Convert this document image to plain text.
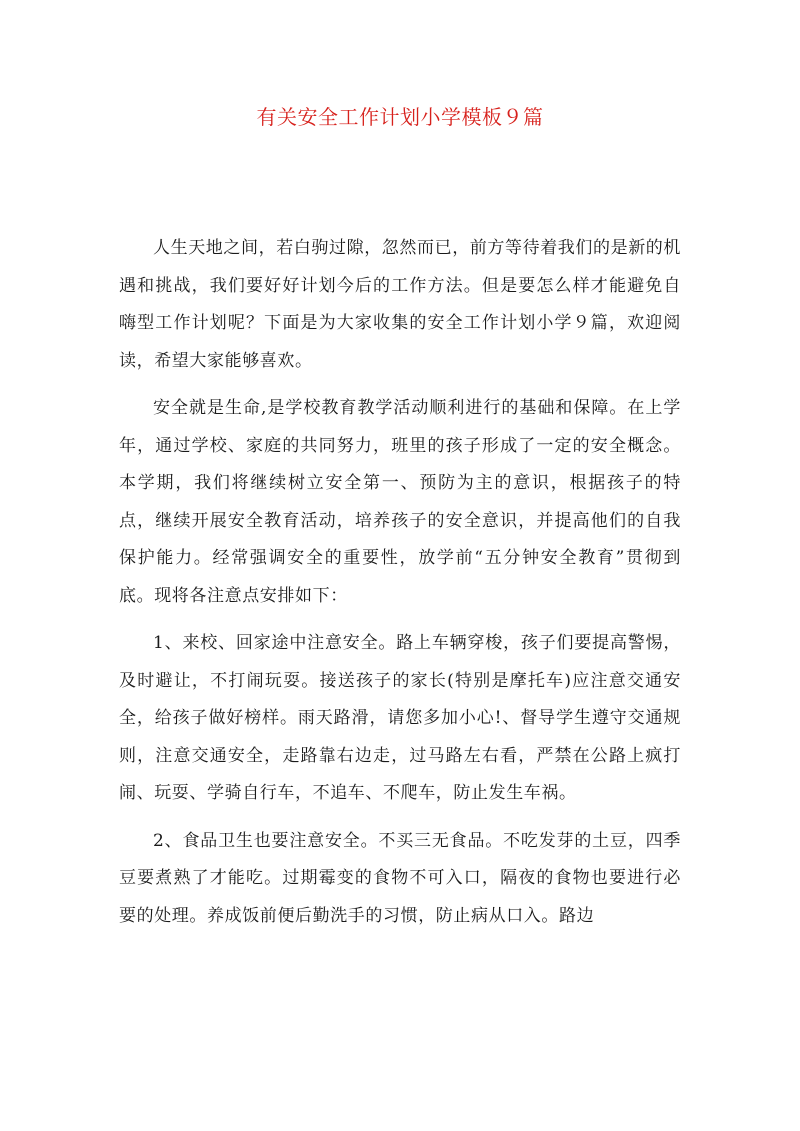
有关安全工作计划小学模板９篇

人生天地之间，若白驹过隙，忽然而已，前方等待着我们的是新的机遇和挑战，我们要好好计划今后的工作方法。但是要怎么样才能避免自嗨型工作计划呢？下面是为大家收集的安全工作计划小学９篇，欢迎阅读，希望大家能够喜欢。

安全就是生命,是学校教育教学活动顺利进行的基础和保障。在上学年，通过学校、家庭的共同努力，班里的孩子形成了一定的安全概念。本学期，我们将继续树立安全第一、预防为主的意识，根据孩子的特点，继续开展安全教育活动，培养孩子的安全意识，并提高他们的自我保护能力。经常强调安全的重要性，放学前“五分钟安全教育”贯彻到底。现将各注意点安排如下：

1、来校、回家途中注意安全。路上车辆穿梭，孩子们要提高警惕，及时避让，不打闹玩耍。接送孩子的家长(特别是摩托车)应注意交通安全，给孩子做好榜样。雨天路滑，请您多加小心!、督导学生遵守交通规则，注意交通安全，走路靠右边走，过马路左右看，严禁在公路上疯打闹、玩耍、学骑自行车，不追车、不爬车，防止发生车祸。

2、食品卫生也要注意安全。不买三无食品。不吃发芽的土豆，四季豆要煮熟了才能吃。过期霉变的食物不可入口，隔夜的食物也要进行必要的处理。养成饭前便后勤洗手的习惯，防止病从口入。路边
